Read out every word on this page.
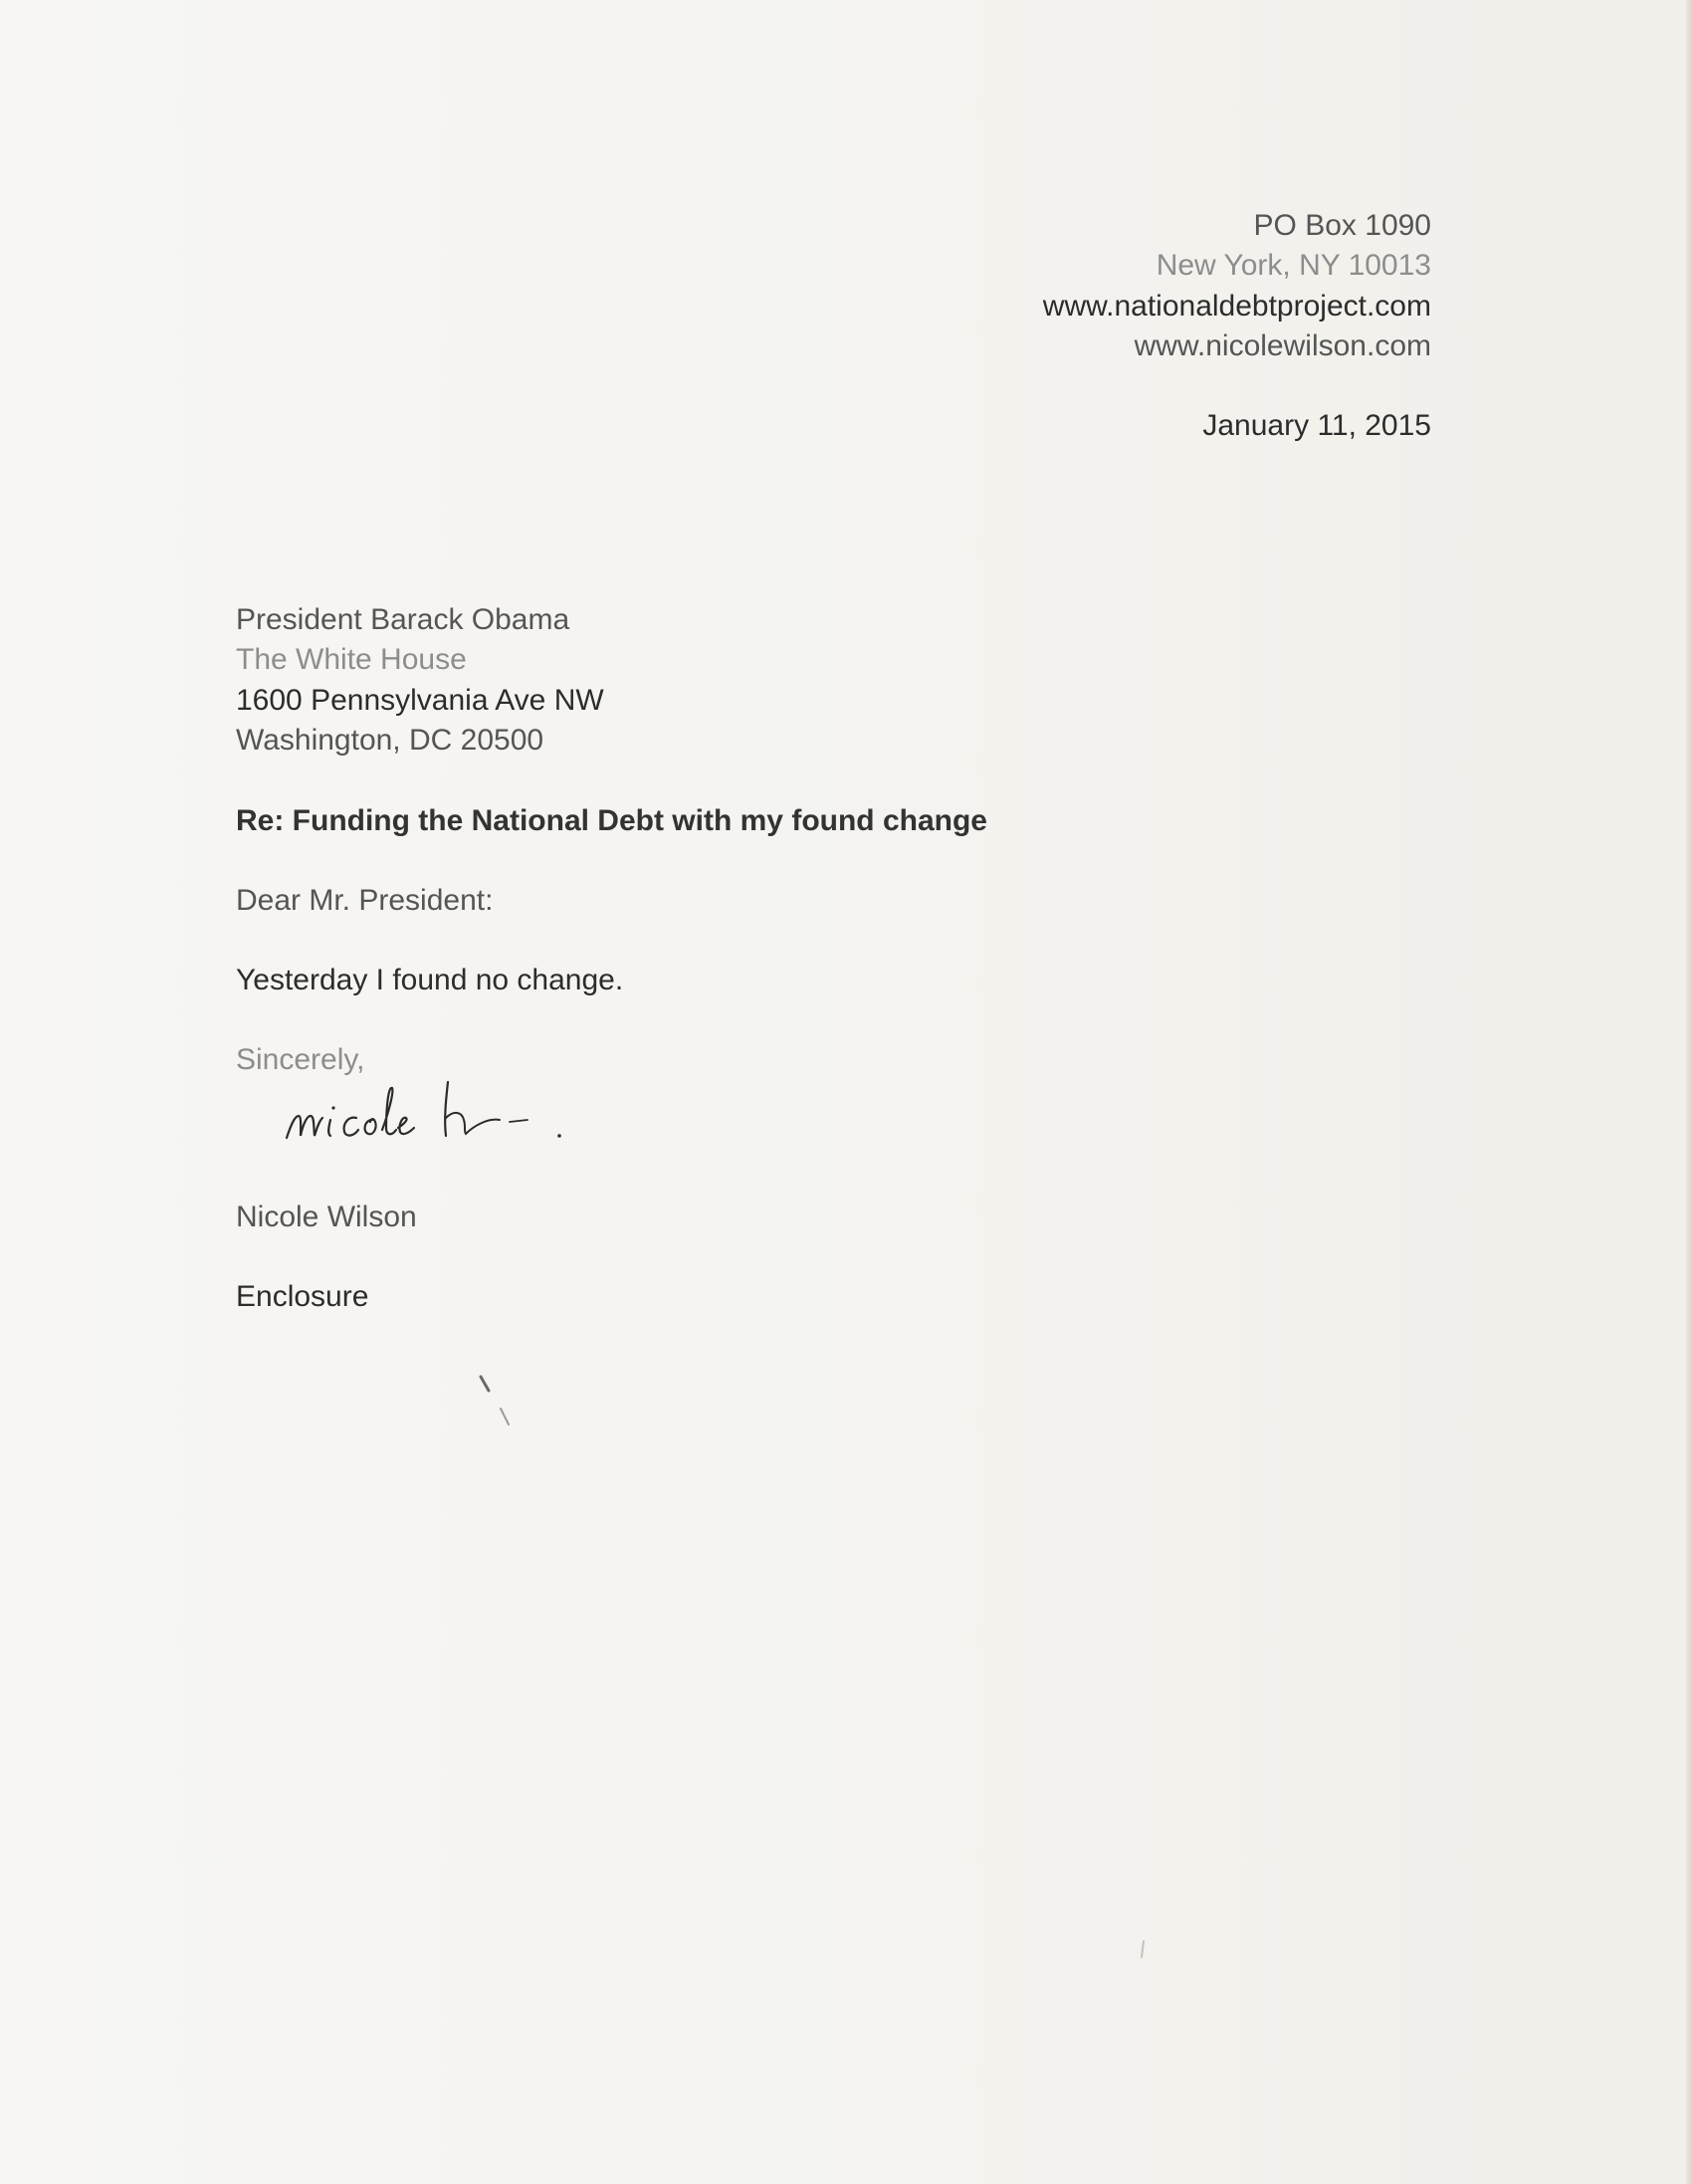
PO Box 1090
New York, NY 10013
www.nationaldebtproject.com
www.nicolewilson.com
January 11, 2015
President Barack Obama
The White House
1600 Pennsylvania Ave NW
Washington, DC 20500
Re: Funding the National Debt with my found change
Dear Mr. President:
Yesterday I found no change.
Sincerely,
Nicole Wilson
Enclosure
